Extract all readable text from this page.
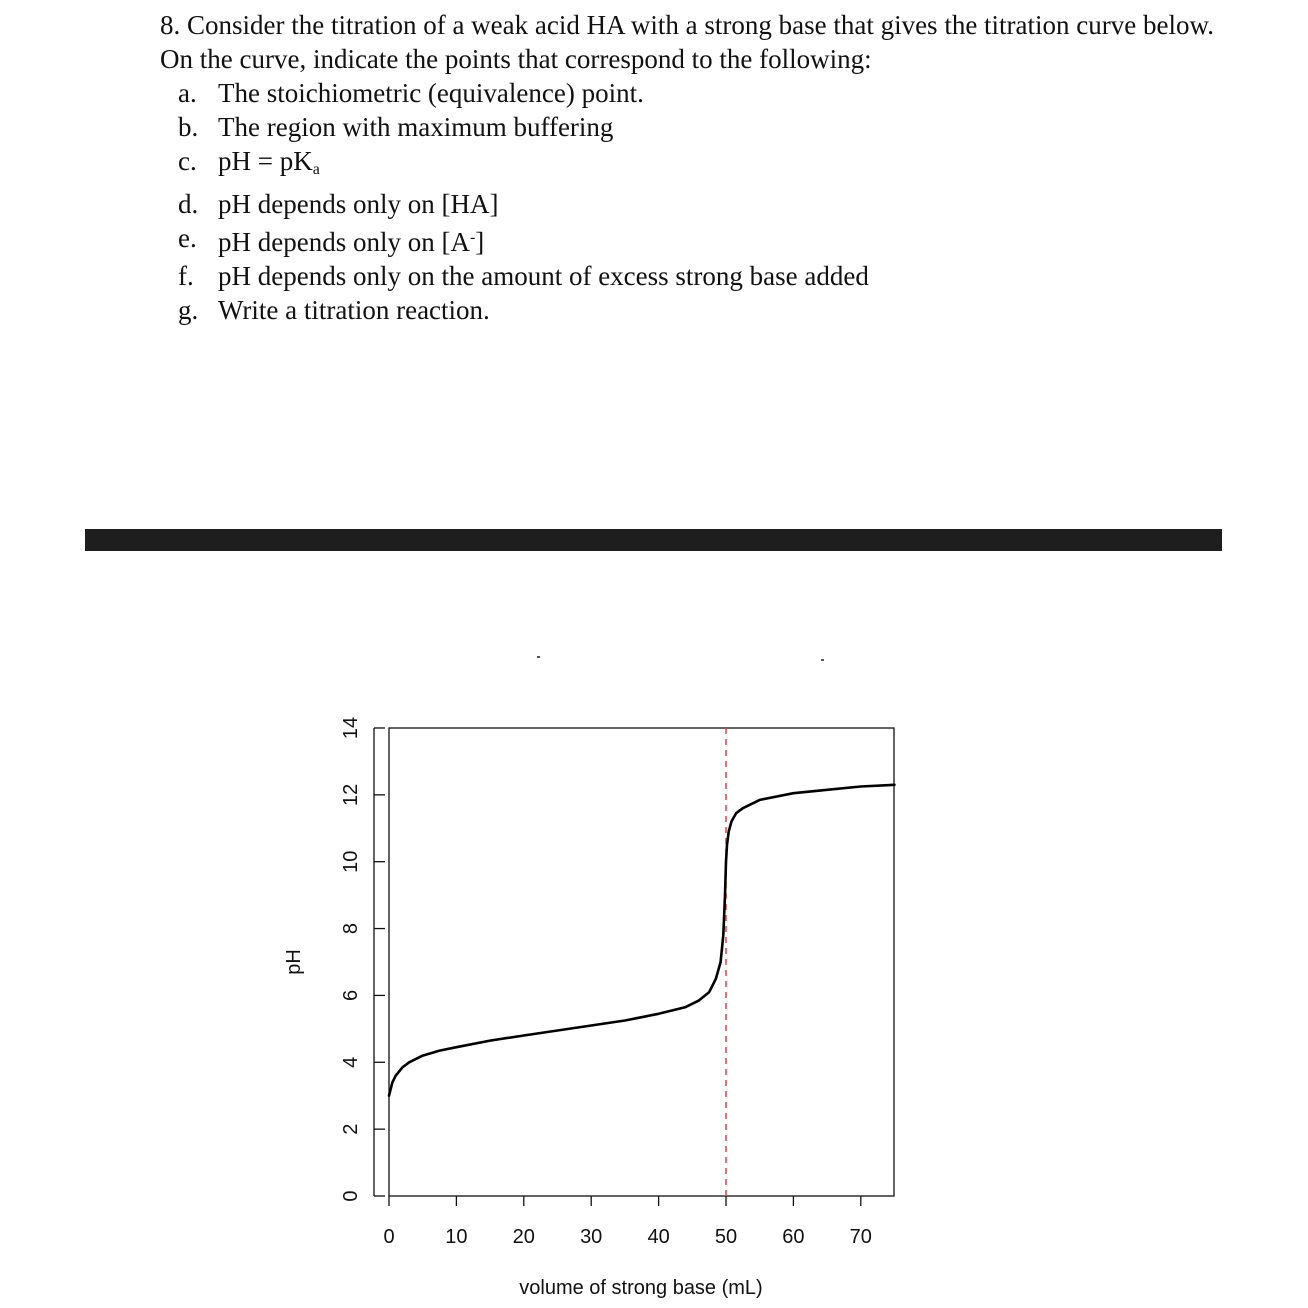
8. Consider the titration of a weak acid HA with a strong base that gives the titration curve below. On the curve, indicate the points that correspond to the following:

a. The stoichiometric (equivalence) point.
b. The region with maximum buffering
c. pH = $pK_a$
d. pH depends only on [HA]
e. pH depends only on [A-]
f. pH depends only on the amount of excess strong base added
g. Write a titration reaction.
0	10 20 30 40 50 60 70
0
2
4
6
8
10
12
14
volume of strong base (mL)
pH
